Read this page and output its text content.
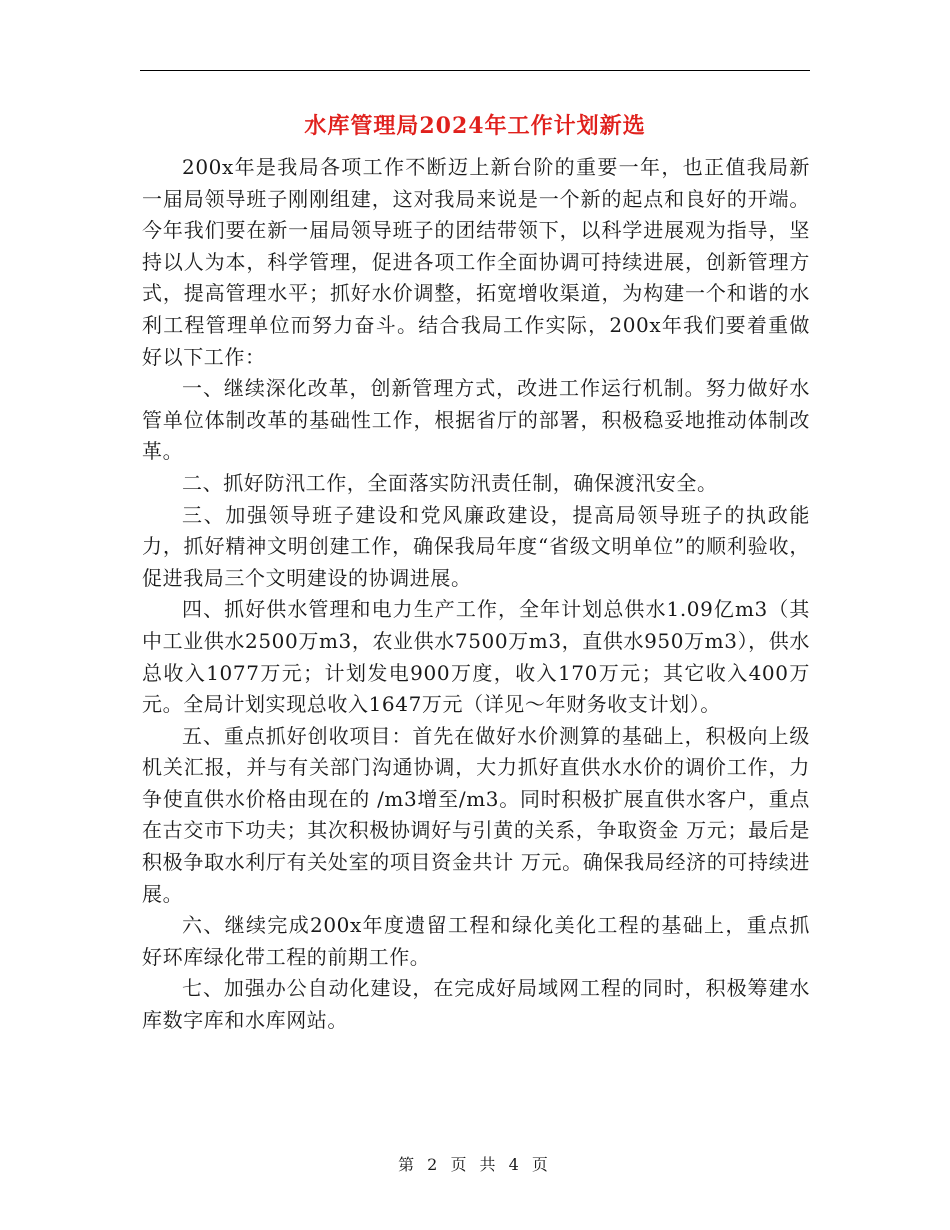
水库管理局2024年工作计划新选

200x年是我局各项工作不断迈上新台阶的重要一年，也正值我局新一届局领导班子刚刚组建，这对我局来说是一个新的起点和良好的开端。今年我们要在新一届局领导班子的团结带领下，以科学进展观为指导，坚持以人为本，科学管理，促进各项工作全面协调可持续进展，创新管理方式，提高管理水平；抓好水价调整，拓宽增收渠道，为构建一个和谐的水利工程管理单位而努力奋斗。结合我局工作实际，200x年我们要着重做好以下工作：

一、继续深化改革，创新管理方式，改进工作运行机制。努力做好水管单位体制改革的基础性工作，根据省厅的部署，积极稳妥地推动体制改革。

二、抓好防汛工作，全面落实防汛责任制，确保渡汛安全。

三、加强领导班子建设和党风廉政建设，提高局领导班子的执政能力，抓好精神文明创建工作，确保我局年度“省级文明单位”的顺利验收，促进我局三个文明建设的协调进展。

四、抓好供水管理和电力生产工作，全年计划总供水1.09亿m3（其中工业供水2500万m3，农业供水7500万m3，直供水950万m3），供水总收入1077万元；计划发电900万度，收入170万元；其它收入400万元。全局计划实现总收入1647万元（详见～年财务收支计划）。

五、重点抓好创收项目：首先在做好水价测算的基础上，积极向上级机关汇报，并与有关部门沟通协调，大力抓好直供水水价的调价工作，力争使直供水价格由现在的 /m3增至/m3。同时积极扩展直供水客户，重点在古交市下功夫；其次积极协调好与引黄的关系，争取资金 万元；最后是积极争取水利厅有关处室的项目资金共计 万元。确保我局经济的可持续进展。

六、继续完成200x年度遗留工程和绿化美化工程的基础上，重点抓好环库绿化带工程的前期工作。

七、加强办公自动化建设，在完成好局域网工程的同时，积极筹建水库数字库和水库网站。

第 2 页 共 4 页
